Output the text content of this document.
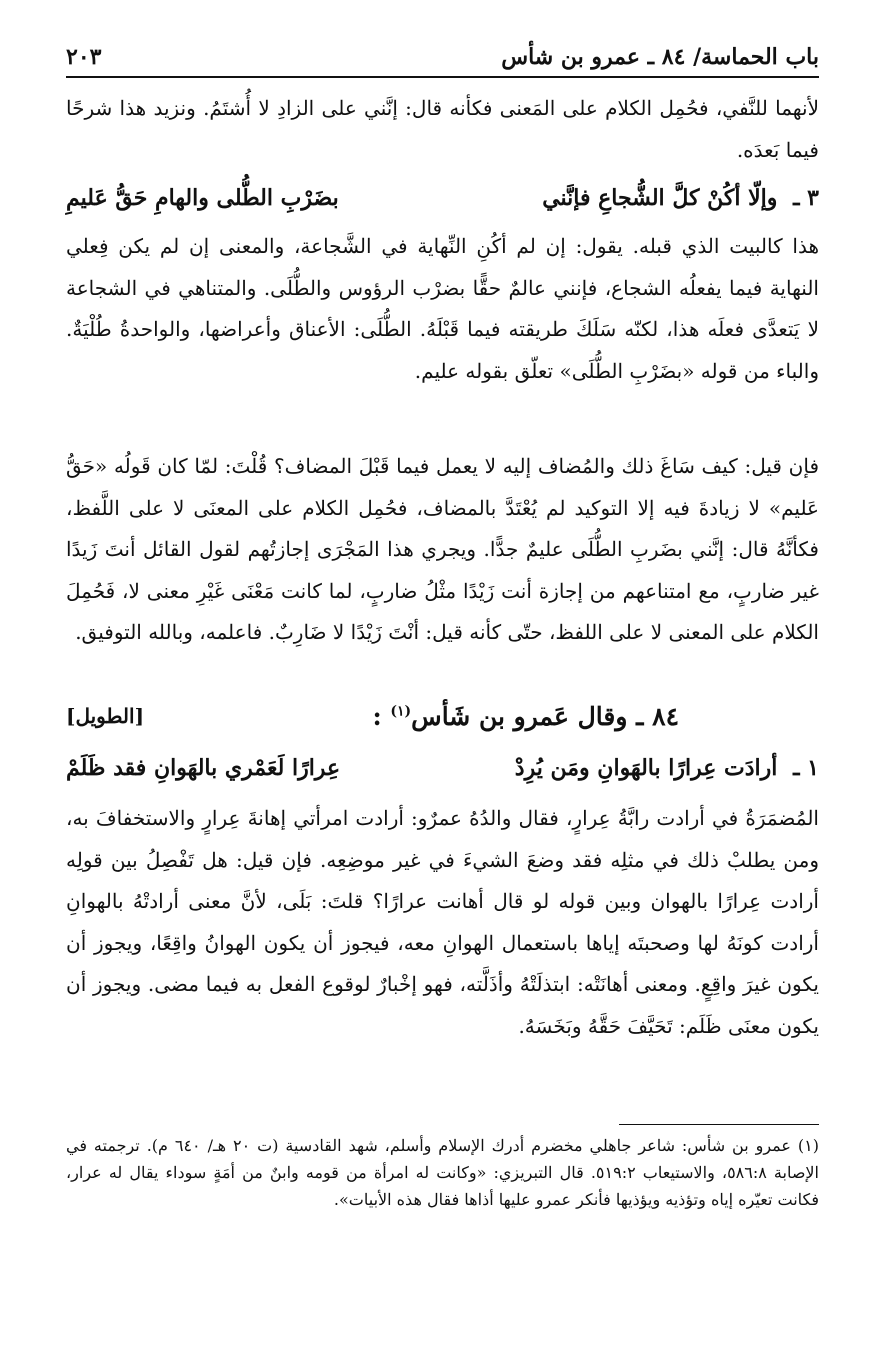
باب الحماسة/ ٨٤ ـ عمرو بن شأس
٢٠٣
لأنهما للنَّفي، فحُمِل الكلام على المَعنى فكأنه قال: إنَّني على الزادِ لا أُشتَمُ. ونزيد هذا شرحًا فيما بَعدَه.
٣ ـ وإلّا أكُنْ كلَّ الشُّجاعِ فإنَّني
بضَرْبِ الطُّلى والهامِ حَقُّ عَليمِ
هذا كالبيت الذي قبله. يقول: إن لم أكُنِ النِّهاية في الشَّجاعة، والمعنى إن لم يكن فِعلي النهاية فيما يفعلُه الشجاع، فإنني عالمٌ حقًّا بضرْب الرؤوس والطُّلَى. والمتناهي في الشجاعة لا يَتعدَّى فعلَه هذا، لكنّه سَلَكَ طريقته فيما قَبْلَهُ. الطُّلَى: الأعناق وأعراضها، والواحدةُ طُلْيَةٌ. والباء من قوله «بضَرْبِ الطُّلَى» تعلّق بقوله عليم.
فإن قيل: كيف سَاغَ ذلك والمُضاف إليه لا يعمل فيما قَبْلَ المضاف؟ قُلْتَ: لمّا كان قَولُه «حَقُّ عَليم» لا زيادةَ فيه إلا التوكيد لم يُعْتَدَّ بالمضاف، فحُمِل الكلام على المعنَى لا على اللَّفظ، فكأنَّهُ قال: إنَّني بضَربِ الطُّلَى عليمٌ جدًّا. ويجري هذا المَجْرَى إجازتُهم لقول القائل أنتَ زَيدًا غير ضاربٍ، مع امتناعهم من إجازة أنت زَيْدًا مثْلُ ضاربٍ، لما كانت مَعْنَى غَيْرِ معنى لا، فَحُمِلَ الكلام على المعنى لا على اللفظ، حتّى كأنه قيل: أنْتَ زَيْدًا لا ضَارِبٌ. فاعلمه، وبالله التوفيق.
٨٤ ـ وقال عَمرو بن شَأس$^{(١)}$ :
[الطويل]
١ ـ أرادَت عِرارًا بالهَوانِ ومَن يُرِدْ
عِرارًا لَعَمْري بالهَوانِ فقد ظَلَمْ
المُضمَرَةُ في أرادت رابَّةُ عِرارٍ، فقال والدُهُ عمرٌو: أرادت امرأتي إهانةَ عِرارٍ والاستخفافَ به، ومن يطلبْ ذلك في مثلِه فقد وضعَ الشيءَ في غير موضِعِه. فإن قيل: هل تَفْصِلُ بين قولِه أرادت عِرارًا بالهوان وبين قوله لو قال أهانت عرارًا؟ قلتَ: بَلَى، لأنَّ معنى أرادتْهُ بالهوانِ أرادت كونَهُ لها وصحبتَه إياها باستعمال الهوانِ معه، فيجوز أن يكون الهوانُ واقِعًا، ويجوز أن يكون غيرَ واقِعٍ. ومعنى أهانَتْه: ابتذلَتْهُ وأذَلَّته، فهو إخْبارٌ لوقوع الفعل به فيما مضى. ويجوز أن يكون معنَى ظَلَم: تَحَيَّفَ حَقَّهُ وبَخَسَهُ.
(١) عمرو بن شأس: شاعر جاهلي مخضرم أدرك الإسلام وأسلم، شهد القادسية (ت ٢٠ هـ/ ٦٤٠ م). ترجمته في الإصابة ٥٨٦:٨، والاستيعاب ٥١٩:٢. قال التبريزي: «وكانت له امرأة من قومه وابنٌ من أمَةٍ سوداء يقال له عرار، فكانت تعيّره إياه وتؤذيه ويؤذيها فأنكر عمرو عليها أذاها فقال هذه الأبيات».
